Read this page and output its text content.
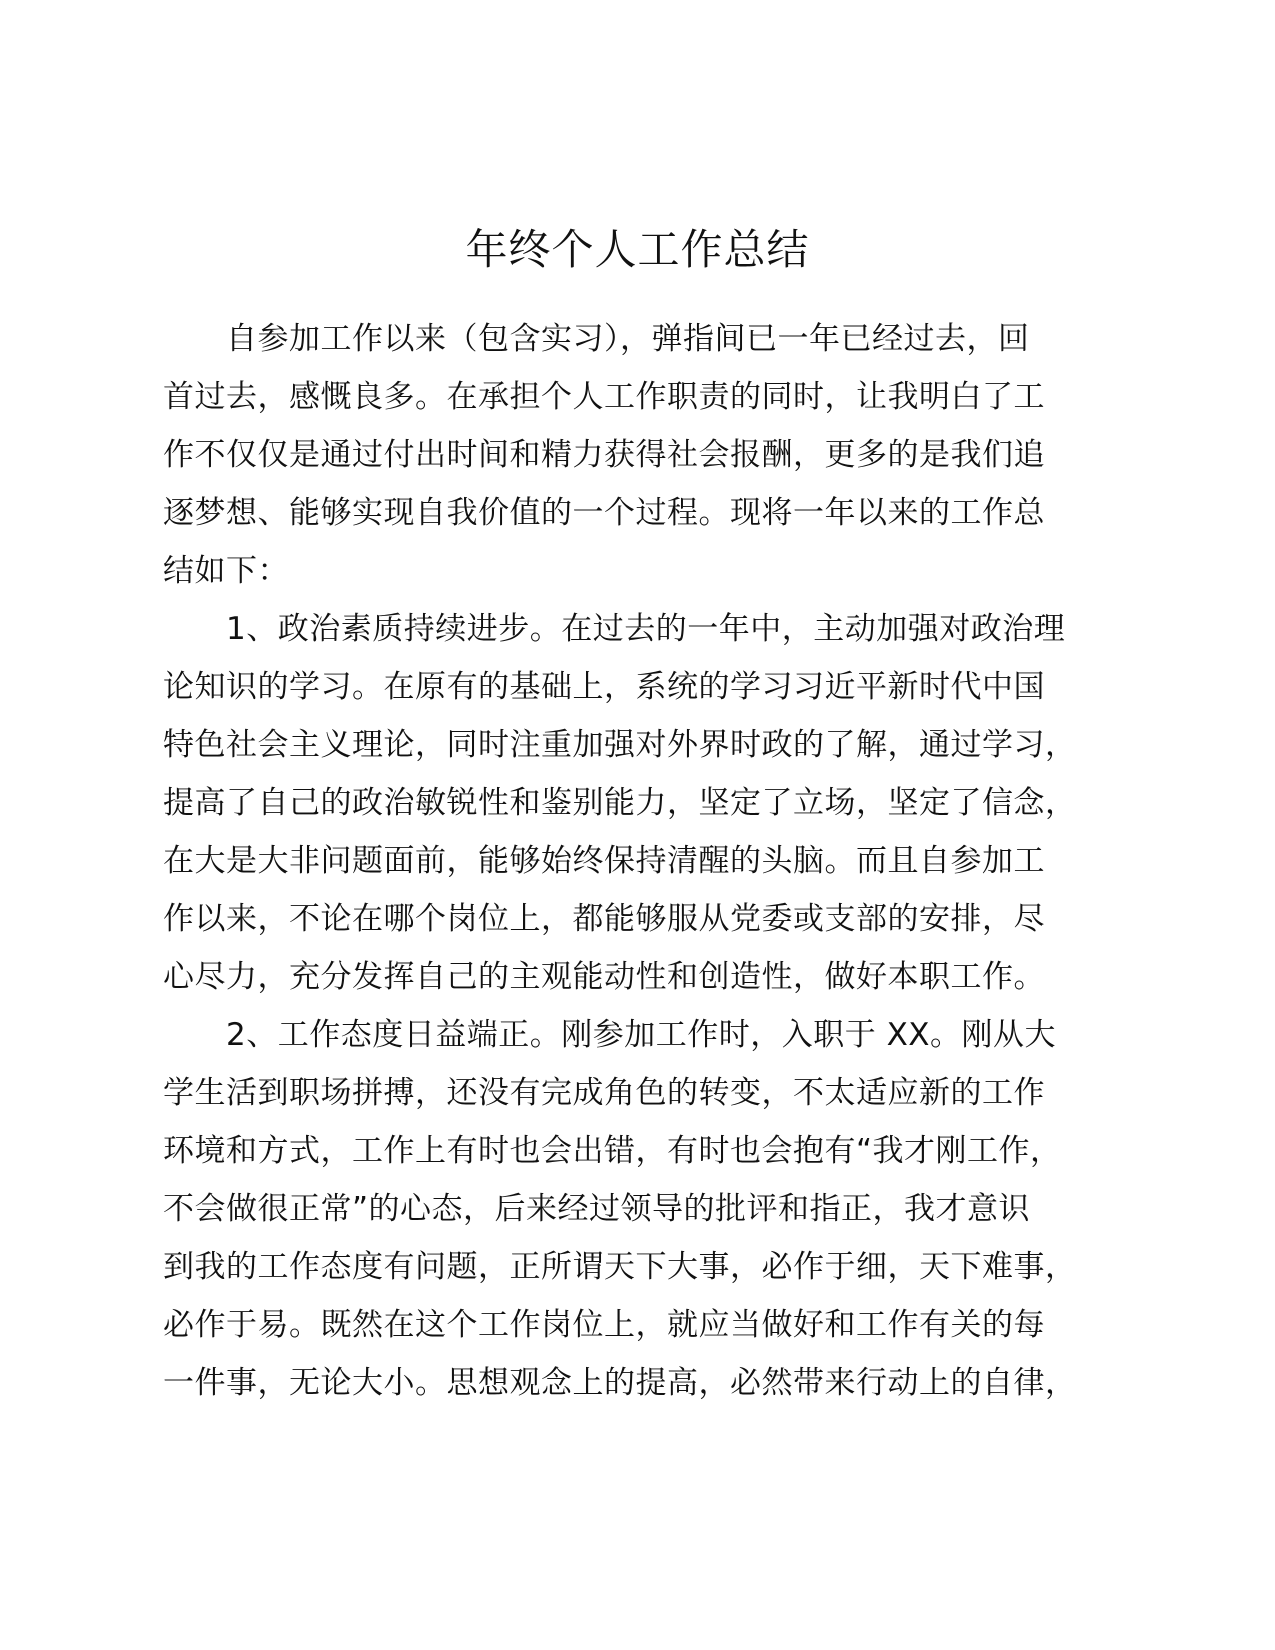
年终个人工作总结
　　自参加工作以来（包含实习），弹指间已一年已经过去，回
首过去，感慨良多。在承担个人工作职责的同时，让我明白了工
作不仅仅是通过付出时间和精力获得社会报酬，更多的是我们追
逐梦想、能够实现自我价值的一个过程。现将一年以来的工作总
结如下：
　　1、政治素质持续进步。在过去的一年中，主动加强对政治理
论知识的学习。在原有的基础上，系统的学习习近平新时代中国
特色社会主义理论，同时注重加强对外界时政的了解，通过学习，
提高了自己的政治敏锐性和鉴别能力，坚定了立场，坚定了信念，
在大是大非问题面前，能够始终保持清醒的头脑。而且自参加工
作以来，不论在哪个岗位上，都能够服从党委或支部的安排，尽
心尽力，充分发挥自己的主观能动性和创造性，做好本职工作。
　　2、工作态度日益端正。刚参加工作时，入职于 XX。刚从大
学生活到职场拼搏，还没有完成角色的转变，不太适应新的工作
环境和方式，工作上有时也会出错，有时也会抱有“我才刚工作，
不会做很正常”的心态，后来经过领导的批评和指正，我才意识
到我的工作态度有问题，正所谓天下大事，必作于细，天下难事，
必作于易。既然在这个工作岗位上，就应当做好和工作有关的每
一件事，无论大小。思想观念上的提高，必然带来行动上的自律，
